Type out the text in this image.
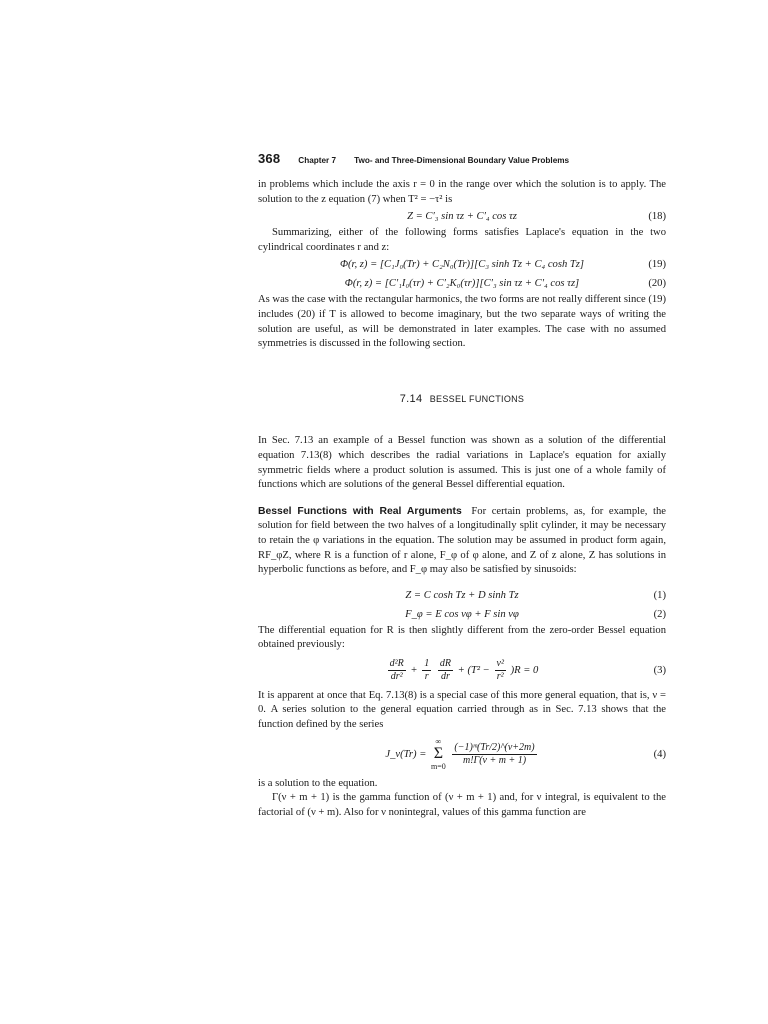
368 Chapter 7 Two- and Three-Dimensional Boundary Value Problems

in problems which include the axis r = 0 in the range over which the solution is to apply. The solution to the z equation (7) when T² = −τ² is

Z = C′₃ sin τz + C′₄ cos τz	(18)

Summarizing, either of the following forms satisfies Laplace's equation in the two cylindrical coordinates r and z:

Φ(r, z) = [C₁J₀(Tr) + C₂N₀(Tr)][C₃ sinh Tz + C₄ cosh Tz]	(19)
Φ(r, z) = [C′₁I₀(τr) + C′₂K₀(τr)][C′₃ sin τz + C′₄ cos τz]	(20)

As was the case with the rectangular harmonics, the two forms are not really different since (19) includes (20) if T is allowed to become imaginary, but the two separate ways of writing the solution are useful, as will be demonstrated in later examples. The case with no assumed symmetries is discussed in the following section.

7.14 BESSEL FUNCTIONS

In Sec. 7.13 an example of a Bessel function was shown as a solution of the differential equation 7.13(8) which describes the radial variations in Laplace's equation for axially symmetric fields where a product solution is assumed. This is just one of a whole family of functions which are solutions of the general Bessel differential equation.

Bessel Functions with Real Arguments For certain problems, as, for example, the solution for field between the two halves of a longitudinally split cylinder, it may be necessary to retain the φ variations in the equation. The solution may be assumed in product form again, RF_φZ, where R is a function of r alone, F_φ of φ alone, and Z of z alone, Z has solutions in hyperbolic functions as before, and F_φ may also be satisfied by sinusoids:

Z = C cosh Tz + D sinh Tz	(1)
F_φ = E cos νφ + F sin νφ	(2)

The differential equation for R is then slightly different from the zero-order Bessel equation obtained previously:

$\frac{\text{d²R}}{\text{dr²}} + \frac{1}{r}$
$\frac{dR}{dr} + (T^2 - \frac{\text{ν²}}{\text{r²}} )R = 0$	(3)

It is apparent at once that Eq. 7.13(8) is a special case of this more general equation, that is, ν = 0. A series solution to the general equation carried through as in Sec. 7.13 shows that the function defined by the series

J_ν(Tr) =
∞
Σ
m=0
$\frac{\text{(−1)ᵐ(Tr/2)\textasciicircum{}(ν+2m)}}{m!\Gamma(\nu + m + 1)}$	(4)

is a solution to the equation.

Γ(ν + m + 1) is the gamma function of (ν + m + 1) and, for ν integral, is equivalent to the factorial of (ν + m). Also for ν nonintegral, values of this gamma function are
